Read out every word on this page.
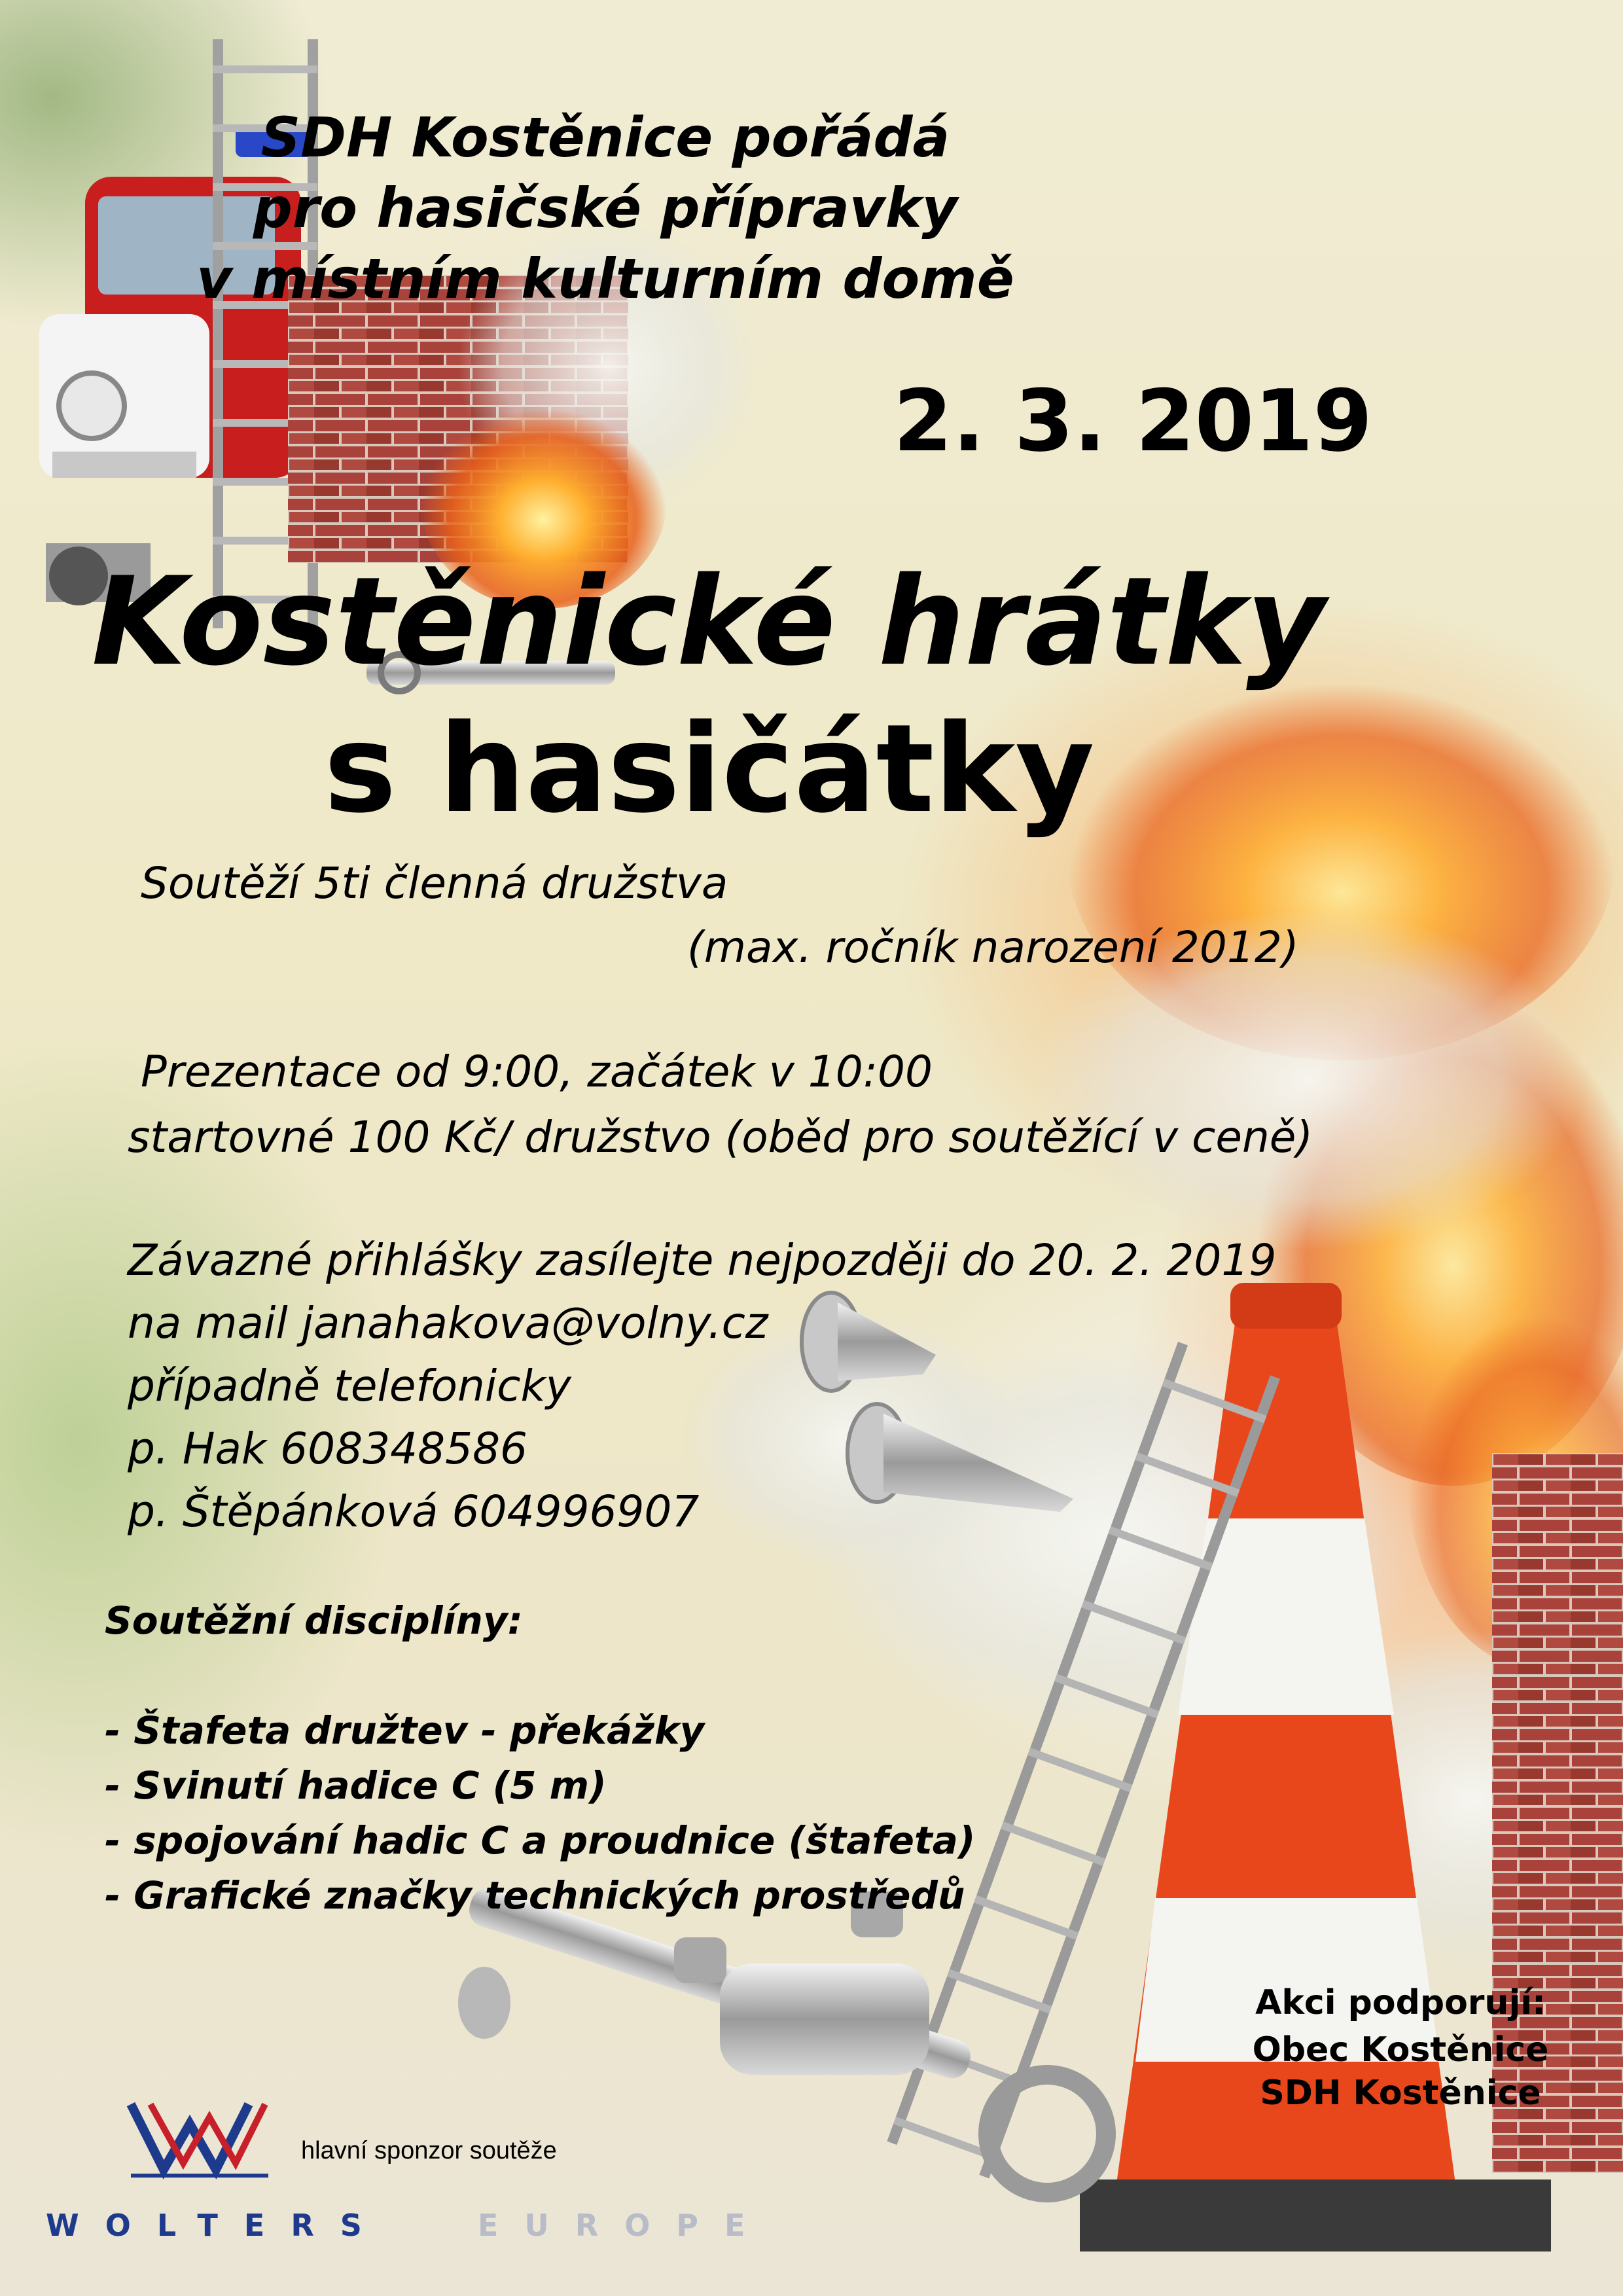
SDH Kostěnice pořádá
pro hasičské přípravky
v místním kulturním domě
2. 3. 2019
Kostěnické hrátky
s hasičátky
Soutěží 5ti členná družstva
(max. ročník narození 2012)
Prezentace od 9:00, začátek v 10:00
startovné 100 Kč/ družstvo (oběd pro soutěžící v ceně)
Závazné přihlášky zasílejte nejpozději do 20. 2. 2019
na mail janahakova@volny.cz
případně telefonicky
p. Hak 608348586
p. Štěpánková 604996907
Soutěžní disciplíny:
- Štafeta družtev - překážky
- Svinutí hadice C (5 m)
- spojování hadic C a proudnice (štafeta)
- Grafické značky technických prostředů
Akci podporují:
Obec Kostěnice
SDH Kostěnice
hlavní sponzor soutěže
WOLTERS	EUROPE
